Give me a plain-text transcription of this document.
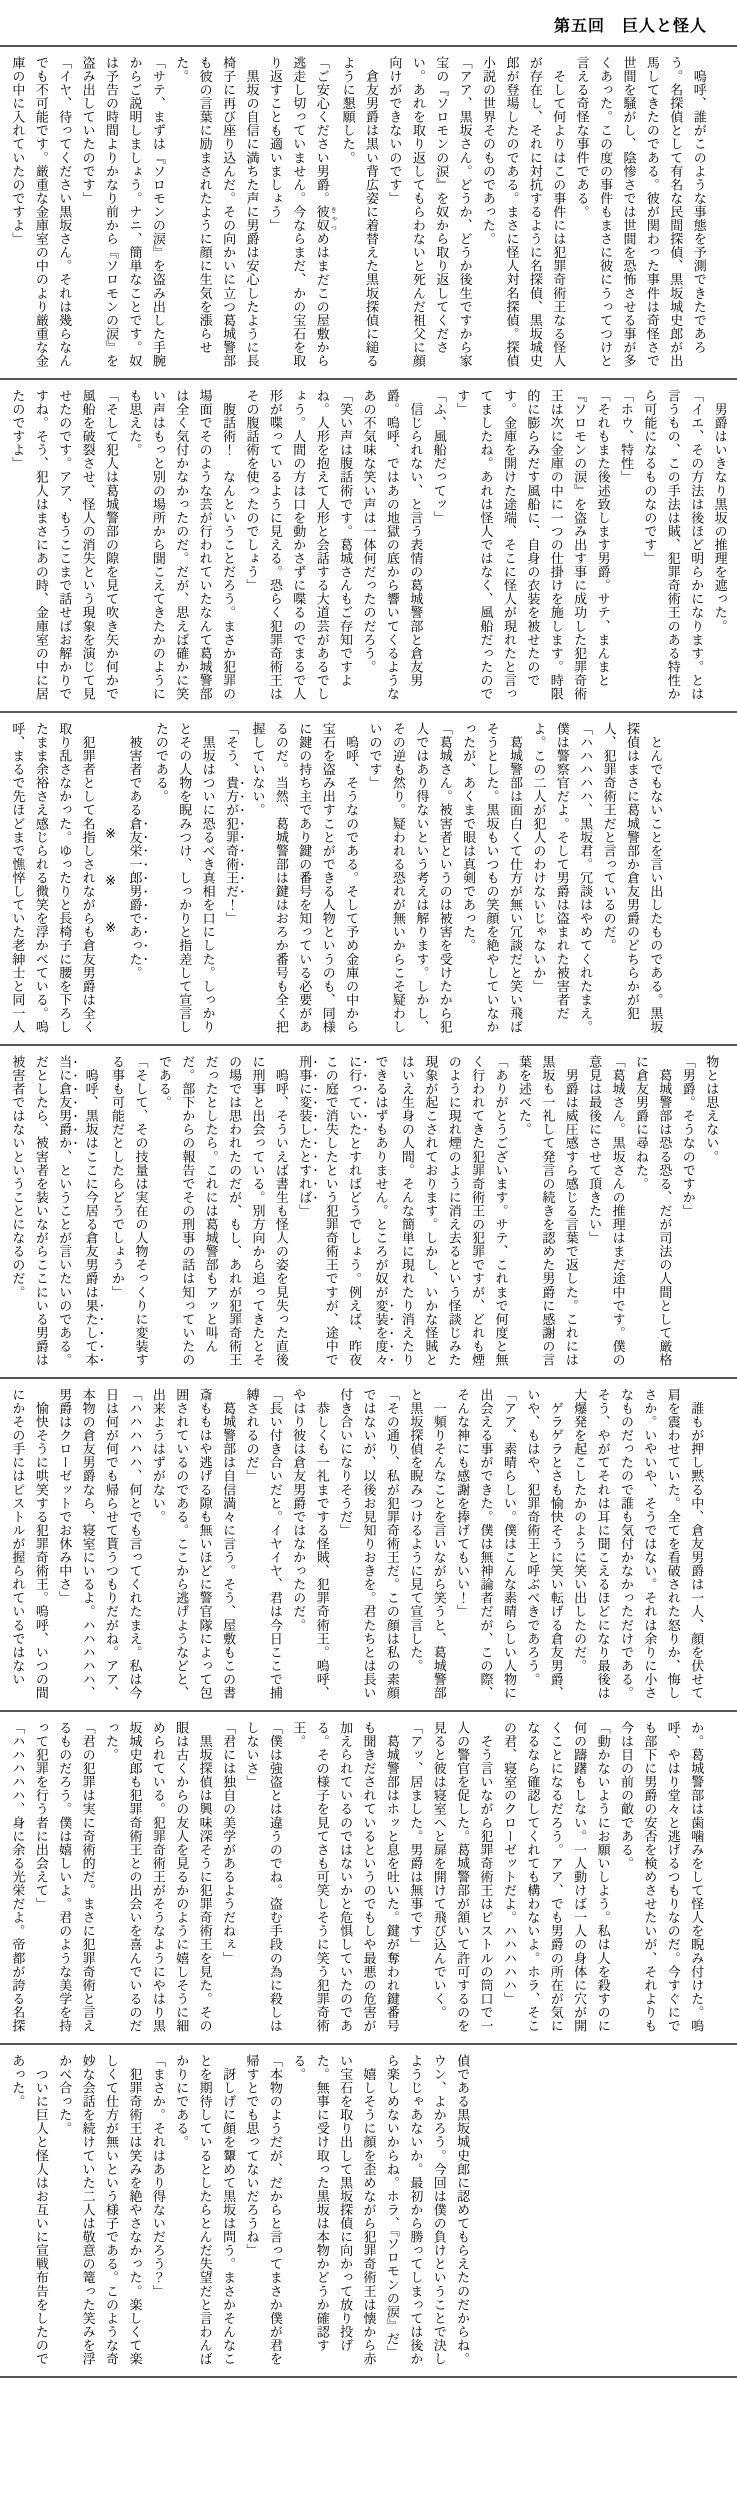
第五回　巨人と怪人

　嗚呼、誰がこのような事態を予測できたであろう。名探偵として有名な民間探偵、黒坂城史郎が出馬してきたのである。彼が関わった事件は奇怪さで世間を騒がし、陰惨さでは世間を恐怖させる事が多くあった。この度の事件もまさに彼にうってつけと言える奇怪な事件である。

　そして何よりはこの事件には犯罪奇術王なる怪人が存在し、それに対抗するように名探偵、黒坂城史郎が登場したのである。まさに怪人対名探偵。探偵小説の世界そのものであった。

「アア、黒坂さん。どうか、どうか後生ですから家宝の『ソロモンの涙』を奴から取り返してください。あれを取り返してもらわないと死んだ祖父に顔向けができないのです」

　倉友男爵は黒い背広姿に着替えた黒坂探偵に縋るように懇願した。

「ご安心ください男爵。彼奴 きゃつめはまだこの屋敷から逃走し切っていません。今ならまだ、かの宝石を取り返すことも適いましょう」

　黒坂の自信に満ちた声に男爵は安心したように長椅子に再び座り込んだ。その向かいに立つ葛城警部も彼の言葉に励まされたように顔に生気を漲らせた。

「サテ、まずは『ソロモンの涙』を盗み出した手腕からご説明しましょう。ナニ、簡単なことです。奴は予告の時間よりかなり前から『ソロモンの涙』を盗み出していたのです」

「イヤ、待ってください黒坂さん。それは幾らなんでも不可能です。厳重な金庫室の中のより厳重な金庫の中に入れていたのですよ」

　男爵はいきなり黒坂の推理を遮った。

「イエ、その方法は後ほど明らかになります。とは言うもの、この手法は賊、犯罪奇術王のある特性から可能になるものなのです」

「ホウ、特性」

「それもまた後述致します男爵。サテ、まんまと『ソロモンの涙』を盗み出す事に成功した犯罪奇術王は次に金庫の中に一つの仕掛けを施します。時限的に膨らみだす風船に、自身の衣装を被せたのです。金庫を開けた途端、そこに怪人が現れたと言ってましたね。あれは怪人ではなく、風船だったのです」

「ふ、風船だってッ」

　信じられない、と言う表情の葛城警部と倉友男爵。嗚呼、ではあの地獄の底から響いてくるようなあの不気味な笑い声は一体何だったのだろう。

「笑い声は腹話術です。葛城さんもご存知ですよね。人形を抱えて人形と会話する大道芸があるでしょう。人間の方は口を動かさずに喋るのでまるで人形が喋っているように見える。恐らく犯罪奇術王はその腹話術を使ったのでしょう」

　腹話術！　なんということだろう。まさか犯罪の場面でそのような芸が行われていたなんて葛城警部は全く気付かなかったのだ。だが、思えば確かに笑い声はもっと別の場所から聞こえてきたかのようにも思えた。

「そして犯人は葛城警部の隙を見て吹き矢か何かで風船を破裂させ、怪人の消失という現象を演じて見せたのです。アア、もうここまで話せばお解かりですね。そう、犯人はまさにあの時、金庫室の中に居たのですよ」

　とんでもないことを言い出したものである。黒坂探偵はまさに葛城警部か倉友男爵のどちらかが犯人、犯罪奇術王だと言っているのだ。

「ハハハハハ、黒坂君。冗談はやめてくれたまえ。僕は警察官だよ。そして男爵は盗まれた被害者だよ。この二人が犯人のわけないじゃないか」

　葛城警部は面白くて仕方が無い冗談だと笑い飛ばそうとした。黒坂もいつもの笑顔を絶やしていなかったが、あくまで眼は真剣であった。

「葛城さん。被害者というのは被害を受けたから犯人ではあり得ないという考えは解ります。しかし、その逆も然り。疑われる恐れが無いからこそ疑わしいのです」

　嗚呼、そうなのである。そして予め金庫の中から宝石を盗み出すことができる人物というのも、同様に鍵の持ち主であり鍵の番号を知っている必要があるのだ。当然、葛城警部は鍵はおろか番号も全く把握していない。

「そう、貴方が犯罪奇術王だ！」

　黒坂はついに恐るべき真相を口にした。しっかりとその人物を睨みつけ、しっかりと指差して宣言したのである。

　被害者である倉友栄一郎男爵であった。

　　　　　　　※　　※　　※

　犯罪者として名指しされながらも倉友男爵は全く取り乱さなかった。ゆったりと長椅子に腰を下ろしたまま余裕さえ感じられる微笑を浮かべている。嗚呼、まるで先ほどまで憔悴していた老紳士と同一人

物とは思えない。

「男爵。そうなのですか」

　葛城警部は恐る恐る、だが司法の人間として厳格に倉友男爵に尋ねた。

「葛城さん。黒坂さんの推理はまだ途中です。僕の意見は最後にさせて頂きたい」

　男爵は威圧感すら感じる言葉で返した。これには黒坂も一礼して発言の続きを認めた男爵に感謝の言葉を述べた。

「ありがとうございます。サテ、これまで何度と無く行われてきた犯罪奇術王の犯罪ですが、どれも煙のように現れ煙のように消え去るという怪談じみた現象が起こされております。しかし、いかな怪賊とはいえ生身の人間。そんな簡単に現れたり消えたりできるはずもありません。ところが奴が変装を度々に行っていたとすればどうでしょう。例えば、昨夜この庭で消失したという犯罪奇術王ですが、途中で刑事に変装したとすれば」

　嗚呼、そういえば書生も怪人の姿を見失った直後に刑事と出会っている。別方向から追ってきたとその場では思われたのだが、もし、あれが犯罪奇術王だったとしたら。これには葛城警部もアッと叫んだ。部下からの報告でその刑事の話は知っていたのである。

「そして、その技量は実在の人物そっくりに変装する事も可能だとしたらどうでしょうか」

　嗚呼、黒坂はここに今居る倉友男爵は果たして本当に倉友男爵か、ということが言いたいのである。だとしたら、被害者を装いながらここにいる男爵は被害者ではないということになるのだ。

　誰もが押し黙る中、倉友男爵は一人、顔を伏せて肩を震わせていた。全てを看破された怒りか、悔しさか。いやいや、そうではない。それは余りに小さなものだったので誰も気付かなかっただけである。そう、やがてそれは耳に聞こえるほどになり最後は大爆発を起こしたかのように笑い出したのだ。

　ゲラゲラとさも愉快そうに笑い転げる倉友男爵、いや、もはや、犯罪奇術王と呼ぶべきであろう。

「アア、素晴らしい。僕はこんな素晴らしい人物に出会える事ができた。僕は無神論者だが、この際、そんな神にも感謝を捧げてもいい！」

　一頻りそんなことを言いながら笑うと、葛城警部と黒坂探偵を睨みつけるように見て宣言した。

「その通り、私が犯罪奇術王だ。この顔は私の素顔ではないが、以後お見知りおきを。君たちとは長い付き合いになりそうだ」

　恭しくも一礼までする怪賊、犯罪奇術王。嗚呼、やはり彼は倉友男爵ではなかったのだ。

「長い付き合いだと。イヤイヤ、君は今日ここで捕縛されるのだ」

　葛城警部は自信満々に言う。そう、屋敷もこの書斎ももはや逃げる隙も無いほどに警官隊によって包囲されているのである。ここから逃げようなどと、出来ようはずがない。

「ハハハハハ、何とでも言ってくれたまえ。私は今日は何が何でも帰らせて貰うつもりだがね。アア、本物の倉友男爵なら、寝室にいるよ。ハハハハハ、男爵はクローゼットでお休み中さ」

　愉快そうに哄笑する犯罪奇術王。嗚呼、いつの間にかその手にはピストルが握られているではない

か。葛城警部は歯噛みをして怪人を睨み付けた。嗚呼、やはり堂々と逃げるつもりなのだ。今すぐにでも部下に男爵の安否を検めさせたいが、それよりも今は目の前の敵である。

「動かないようにお願いしよう。私は人を殺すのに何の躊躇もしない。一人動けば一人の身体に穴が開くことになるだろう。アア、でも男爵の所在が気になるなら確認してくれても構わないよ。ホラ、そこの君、寝室のクローゼットだよ。ハハハハハ」

　そう言いながら犯罪奇術王はピストルの筒口で一人の警官を促した。葛城警部が頷いて許可するのを見ると彼は寝室へと扉を開けて飛び込んでいく。

「アッ、居ました。男爵は無事です」

　葛城警部はホッと息を吐いた。鍵が奪われ鍵番号も聞きだされているというのでもしや最悪の危害が加えられているのではないかと危惧していたのである。その様子を見てさも可笑しそうに笑う犯罪奇術王。

「僕は強盗とは違うのでね。盗む手段の為に殺しはしないさ」

「君には独自の美学があるようだねぇ」

　黒坂探偵は興味深そうに犯罪奇術王を見た。その眼は古くからの友人を見るかのように嬉しそうに細められている。犯罪奇術王がそうなようにやはり黒坂城史郎も犯罪奇術王との出会いを喜んでいるのだった。

「君の犯罪は実に奇術的だ。まさに犯罪奇術と言えるものだろう。僕は嬉しいよ。君のような美学を持って犯罪を行う者に出会えて」

「ハハハハハ、身に余る光栄だよ。帝都が誇る名探

偵である黒坂城史郎に認めてもらえたのだからね。ウン、よかろう。今回は僕の負けということで決しようじゃあないか。最初から勝ってしまっては後から楽しめないからね。ホラ、『ソロモンの涙』だ」

　嬉しそうに顔を歪めながら犯罪奇術王は懐から赤い宝石を取り出して黒坂探偵に向かって放り投げた。無事に受け取った黒坂は本物かどうか確認する。

「本物のようだが、だからと言ってまさか僕が君を帰すとでも思ってないだろうね」

　訝しげに顔を顰めて黒坂は問う。まさかそんなことを期待しているとしたらとんだ失望だと言わんばかりにである。

「まさか。それはあり得ないだろう？」

　犯罪奇術王は笑みを絶やさなかった。楽しくて楽しくて仕方が無いという様子である。このような奇妙な会話を続けていた二人は敬意の篭った笑みを浮かべ合った。

　ついに巨人と怪人はお互いに宣戦布告をしたのであった。
